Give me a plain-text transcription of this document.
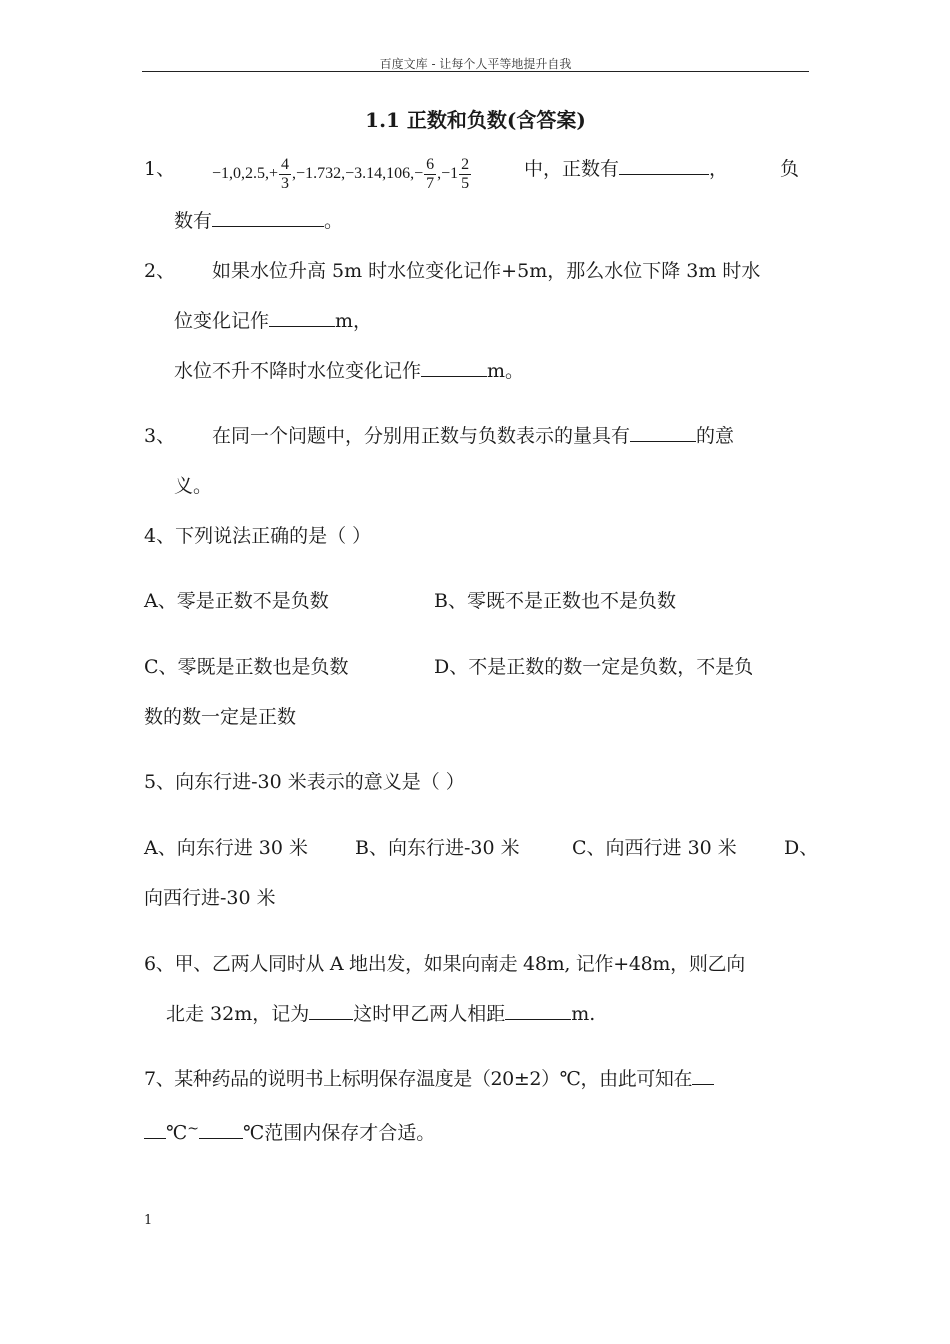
百度文库 - 让每个人平等地提升自我
1.1 正数和负数(含答案)
1、 $-1,0,2.5,+ \frac{4}{3} ,-1.732,-3.14,106,- \frac{6}{7} ,-1 \frac{2}{5}$	中，正数有	，	负
数有	。
2、 如果水位升高 5m 时水位变化记作+5m，那么水位下降 3m 时水
位变化记作	m，
水位不升不降时水位变化记作	m。
3、 在同一个问题中，分别用正数与负数表示的量具有	的意
义。
4、下列说法正确的是（ ）
A、零是正数不是负数	B、零既不是正数也不是负数
C、零既是正数也是负数	D、不是正数的数一定是负数，不是负
数的数一定是正数
5、向东行进-30 米表示的意义是（ ）
A、向东行进 30 米 B、向东行进-30 米	C、向西行进 30 米 D、
向西行进-30 米
6、甲、乙两人同时从 A 地出发，如果向南走 48m, 记作+48m，则乙向
北走 32m，记为 这时甲乙两人相距	m.
7、某种药品的说明书上标明保存温度是（20±2）℃，由此可知在
℃~ ℃范围内保存才合适。
1
